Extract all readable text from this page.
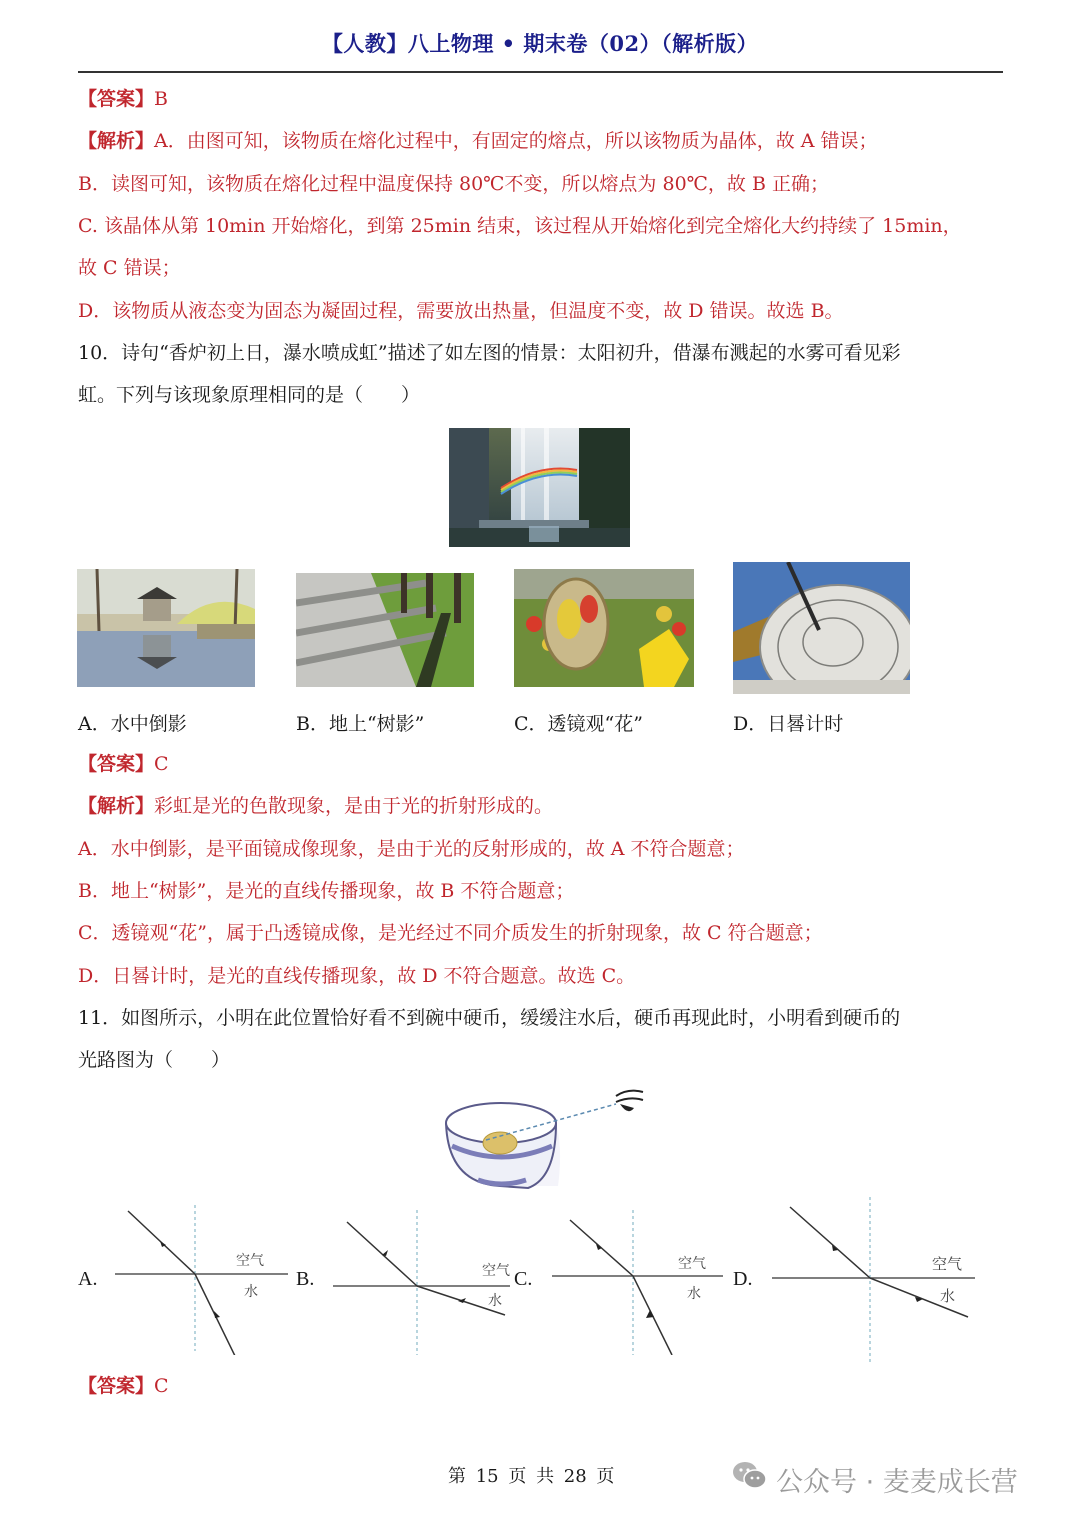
【人教】八上物理 • 期末卷（02）（解析版）
【答案】B
【解析】A．由图可知，该物质在熔化过程中，有固定的熔点，所以该物质为晶体，故 A 错误；
B．读图可知，该物质在熔化过程中温度保持 80℃不变，所以熔点为 80℃，故 B 正确；
C. 该晶体从第 10min 开始熔化，到第 25min 结束，该过程从开始熔化到完全熔化大约持续了 15min，
故 C 错误；
D．该物质从液态变为固态为凝固过程，需要放出热量，但温度不变，故 D 错误。故选 B。
10．诗句“香炉初上日，瀑水喷成虹”描述了如左图的情景：太阳初升，借瀑布溅起的水雾可看见彩
虹。下列与该现象原理相同的是（　　）
A．水中倒影	B．地上“树影”	C．透镜观“花”	D．日晷计时
【答案】C
【解析】彩虹是光的色散现象，是由于光的折射形成的。
A．水中倒影，是平面镜成像现象，是由于光的反射形成的，故 A 不符合题意；
B．地上“树影”，是光的直线传播现象，故 B 不符合题意；
C．透镜观“花”，属于凸透镜成像，是光经过不同介质发生的折射现象，故 C 符合题意；
D．日晷计时，是光的直线传播现象，故 D 不符合题意。故选 C。
11．如图所示，小明在此位置恰好看不到碗中硬币，缓缓注水后，硬币再现此时，小明看到硬币的
光路图为（　　）
A.
空气
水
B.	空气
水
C.
空气
水
D.
空气
水
【答案】C
第 15 页 共 28 页	公众号 · 麦麦成长营
